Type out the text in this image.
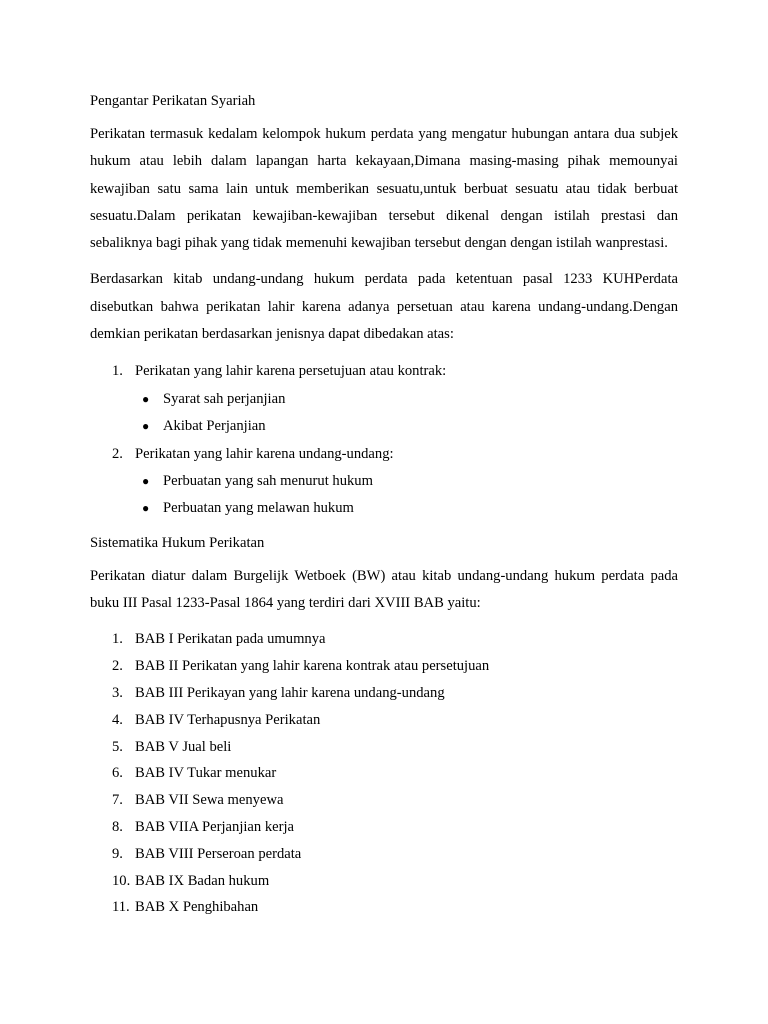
Pengantar Perikatan Syariah

Perikatan termasuk kedalam kelompok hukum perdata yang mengatur hubungan antara dua subjek hukum atau lebih dalam lapangan harta kekayaan,Dimana masing-masing pihak memounyai kewajiban satu sama lain untuk memberikan sesuatu,untuk berbuat sesuatu atau tidak berbuat sesuatu.Dalam perikatan kewajiban-kewajiban tersebut dikenal dengan istilah prestasi dan sebaliknya bagi pihak yang tidak memenuhi kewajiban tersebut dengan dengan istilah wanprestasi.

Berdasarkan kitab undang-undang hukum perdata pada ketentuan pasal 1233 KUHPerdata disebutkan bahwa perikatan lahir karena adanya persetuan atau karena undang-undang.Dengan demkian perikatan berdasarkan jenisnya dapat dibedakan atas:

1. Perikatan yang lahir karena persetujuan atau kontrak:
● Syarat sah perjanjian
● Akibat Perjanjian
2. Perikatan yang lahir karena undang-undang:
● Perbuatan yang sah menurut hukum
● Perbuatan yang melawan hukum

Sistematika Hukum Perikatan

Perikatan diatur dalam Burgelijk Wetboek (BW) atau kitab undang-undang hukum perdata pada buku III Pasal 1233-Pasal 1864 yang terdiri dari XVIII BAB yaitu:

1. BAB I Perikatan pada umumnya
2. BAB II Perikatan yang lahir karena kontrak atau persetujuan
3. BAB III Perikayan yang lahir karena undang-undang
4. BAB IV Terhapusnya Perikatan
5. BAB V Jual beli
6. BAB IV Tukar menukar
7. BAB VII Sewa menyewa
8. BAB VIIA Perjanjian kerja
9. BAB VIII Perseroan perdata
10. BAB IX Badan hukum
11. BAB X Penghibahan
